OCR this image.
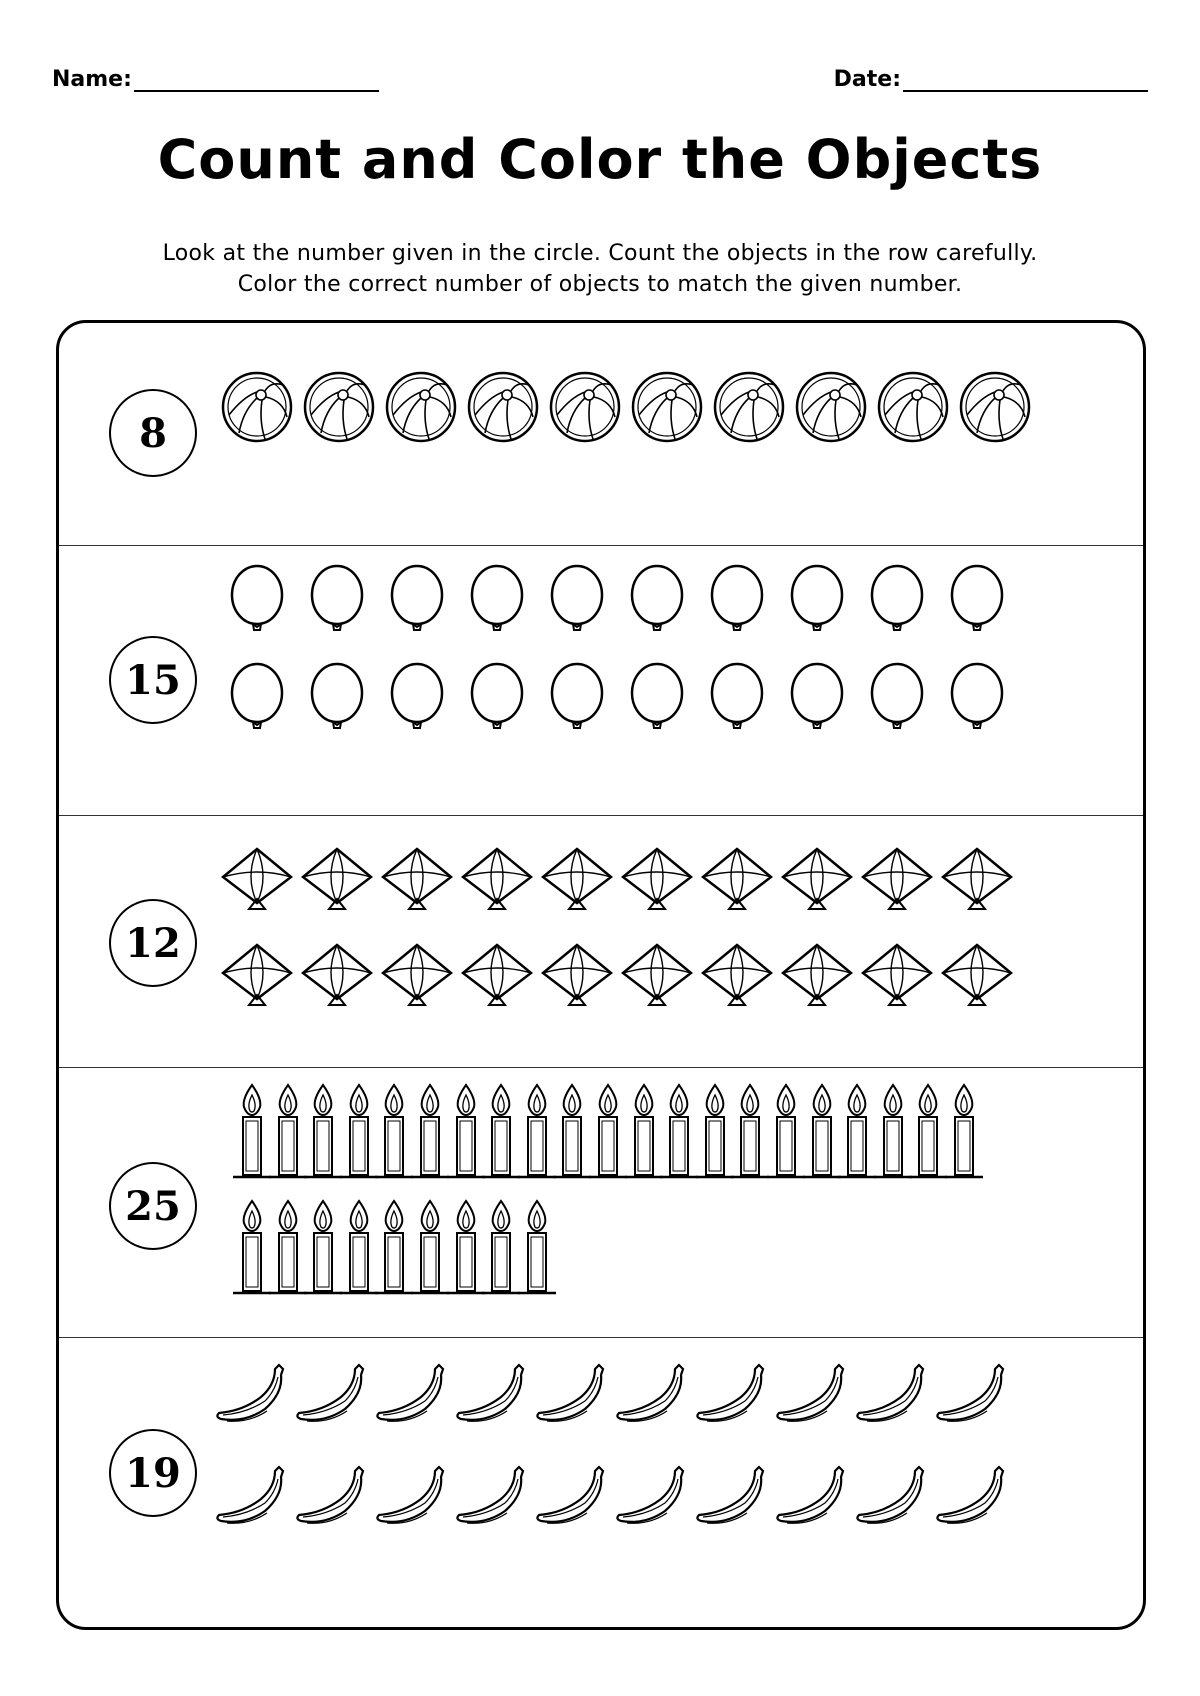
Name:	Date:
Count and Color the Objects
Look at the number given in the circle. Count the objects in the row carefully.
Color the correct number of objects to match the given number.
8
15
12
25
19
